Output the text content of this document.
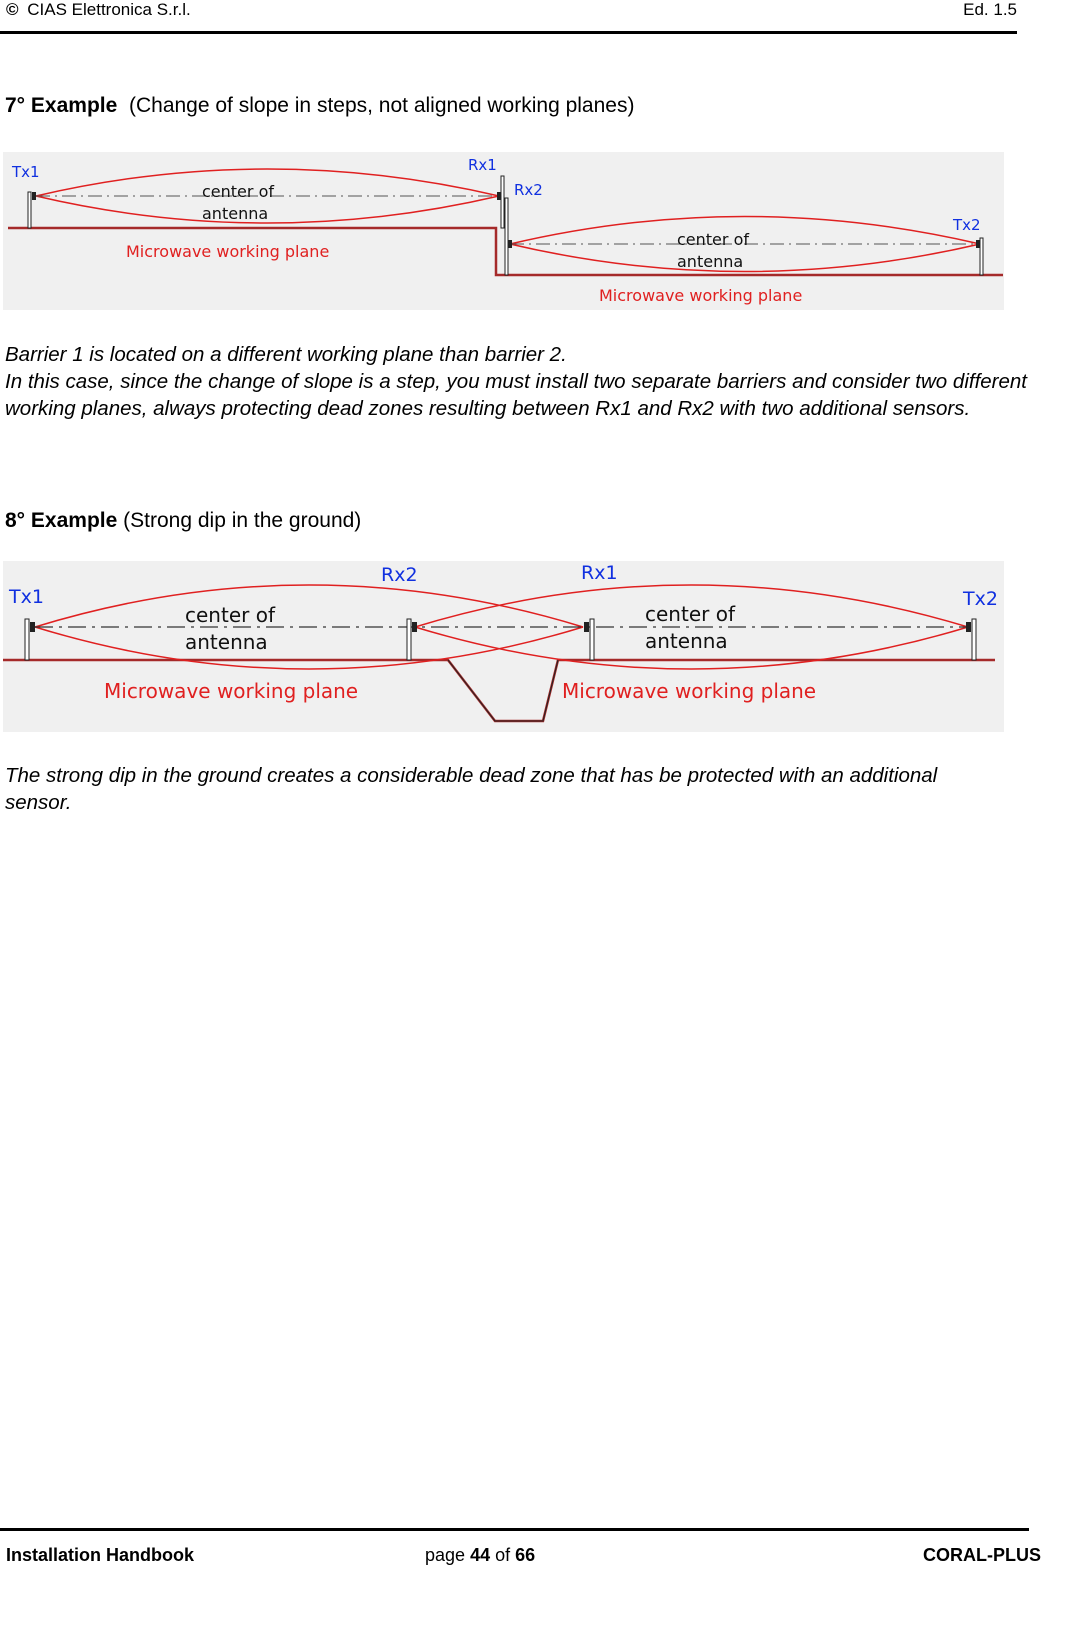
© CIAS Elettronica S.r.l.	Ed. 1.5
7° Example  (Change of slope in steps, not aligned working planes)
Tx1	Rx1
Rx2
Tx2
center of
antenna
center of
antenna
Microwave working plane
Microwave working plane
Barrier 1 is located on a different working plane than barrier 2.
In this case, since the change of slope is a step, you must install two separate barriers and consider two different working planes, always protecting dead zones resulting between Rx1 and Rx2 with two additional sensors.
8° Example (Strong dip in the ground)
Tx1
Rx2	Rx1
Tx2
center of
antenna
center of
antenna
Microwave working plane	Microwave working plane
The strong dip in the ground creates a considerable dead zone that has be protected with an additional sensor.
Installation Handbook	page 44 of 66	CORAL-PLUS
